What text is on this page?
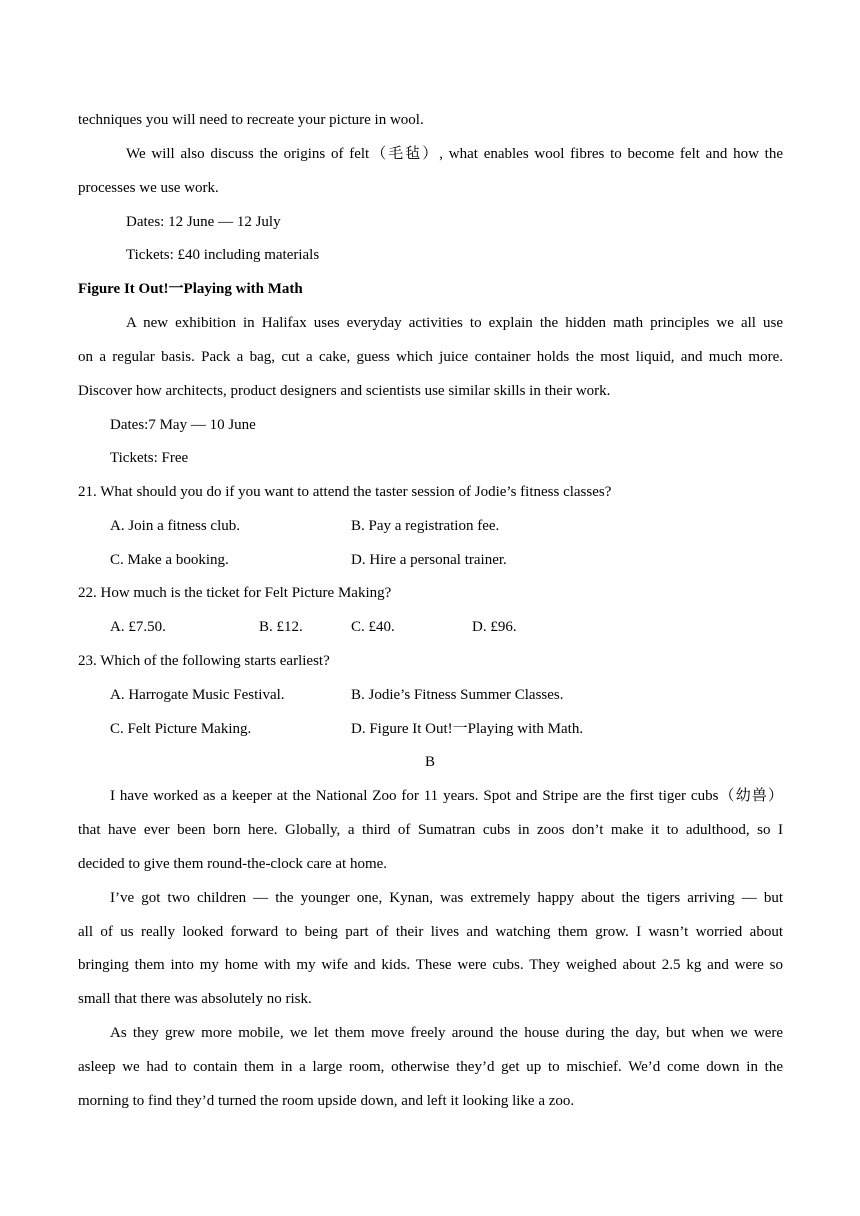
techniques you will need to recreate your picture in wool.
We will also discuss the origins of felt（毛毡）, what enables wool fibres to become felt and how the
processes we use work.
Dates: 12 June — 12 July
Tickets: £40 including materials
Figure It Out!一Playing with Math
A new exhibition in Halifax uses everyday activities to explain the hidden math principles we all use
on a regular basis. Pack a bag, cut a cake, guess which juice container holds the most liquid, and much more.
Discover how architects, product designers and scientists use similar skills in their work.
Dates:7 May — 10 June
Tickets: Free
21. What should you do if you want to attend the taster session of Jodie’s fitness classes?
A. Join a fitness club.	B. Pay a registration fee.
C. Make a booking.	D. Hire a personal trainer.
22. How much is the ticket for Felt Picture Making?
A. £7.50.	B. £12.	C. £40.	D. £96.
23. Which of the following starts earliest?
A. Harrogate Music Festival.	B. Jodie’s Fitness Summer Classes.
C. Felt Picture Making.	D. Figure It Out!一Playing with Math.
B
I have worked as a keeper at the National Zoo for 11 years. Spot and Stripe are the first tiger cubs（幼兽）
that have ever been born here. Globally, a third of Sumatran cubs in zoos don’t make it to adulthood, so I
decided to give them round-the-clock care at home.
I’ve got two children — the younger one, Kynan, was extremely happy about the tigers arriving — but
all of us really looked forward to being part of their lives and watching them grow. I wasn’t worried about
bringing them into my home with my wife and kids. These were cubs. They weighed about 2.5 kg and were so
small that there was absolutely no risk.
As they grew more mobile, we let them move freely around the house during the day, but when we were
asleep we had to contain them in a large room, otherwise they’d get up to mischief. We’d come down in the
morning to find they’d turned the room upside down, and left it looking like a zoo.
